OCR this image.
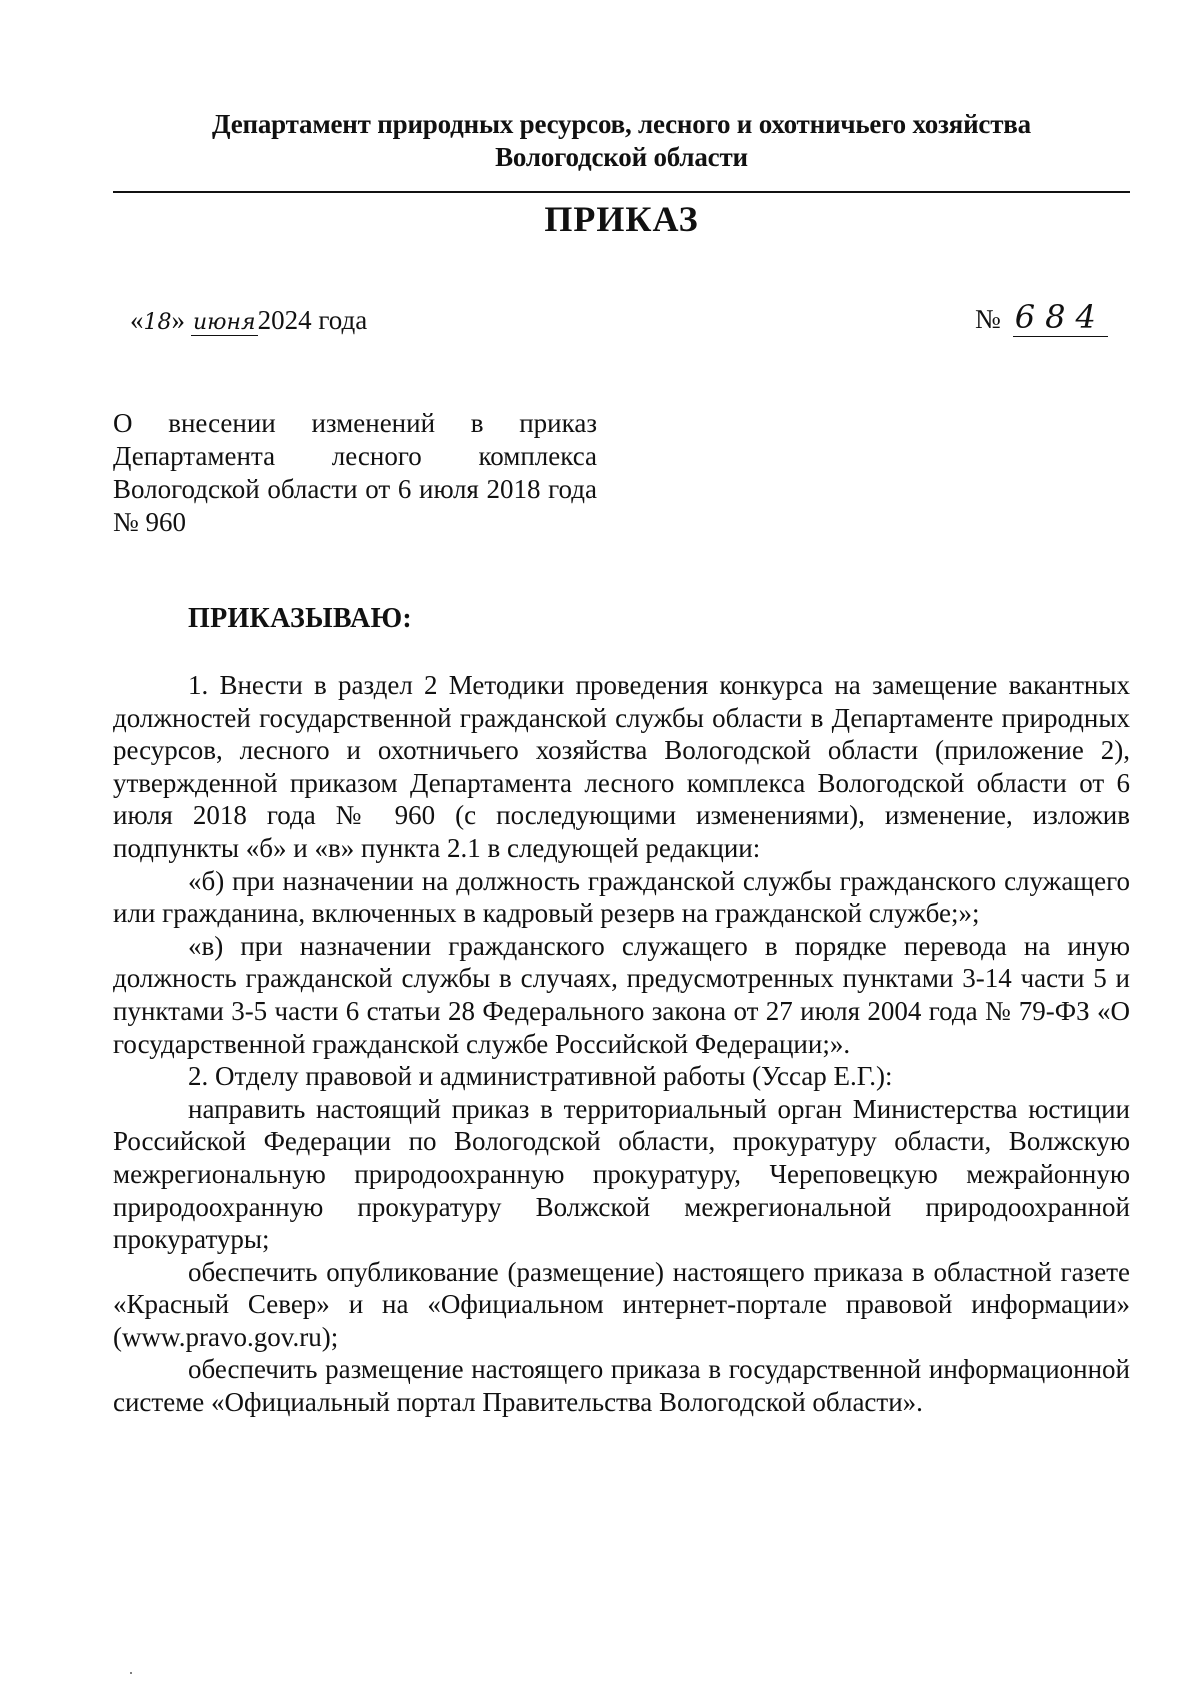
Департамент природных ресурсов, лесного и охотничьего хозяйства
Вологодской области
ПРИКАЗ
«18» июня2024 года	№ 684
О внесении изменений в приказ Департамента лесного комплекса Вологодской области от 6 июля 2018 года № 960
ПРИКАЗЫВАЮ:

1. Внести в раздел 2 Методики проведения конкурса на замещение вакантных должностей государственной гражданской службы области в Департаменте природных ресурсов, лесного и охотничьего хозяйства Вологодской области (приложение 2), утвержденной приказом Департамента лесного комплекса Вологодской области от 6 июля 2018 года № 960 (с последующими изменениями), изменение, изложив подпункты «б» и «в» пункта 2.1 в следующей редакции:

«б) при назначении на должность гражданской службы гражданского служащего или гражданина, включенных в кадровый резерв на гражданской службе;»;

«в) при назначении гражданского служащего в порядке перевода на иную должность гражданской службы в случаях, предусмотренных пунктами 3-14 части 5 и пунктами 3-5 части 6 статьи 28 Федерального закона от 27 июля 2004 года № 79-ФЗ «О государственной гражданской службе Российской Федерации;».

2. Отделу правовой и административной работы (Уссар Е.Г.):

направить настоящий приказ в территориальный орган Министерства юстиции Российской Федерации по Вологодской области, прокуратуру области, Волжскую межрегиональную природоохранную прокуратуру, Череповецкую межрайонную природоохранную прокуратуру Волжской межрегиональной природоохранной прокуратуры;

обеспечить опубликование (размещение) настоящего приказа в областной газете «Красный Север» и на «Официальном интернет-портале правовой информации» (www.pravo.gov.ru);

обеспечить размещение настоящего приказа в государственной информационной системе «Официальный портал Правительства Вологодской области».
